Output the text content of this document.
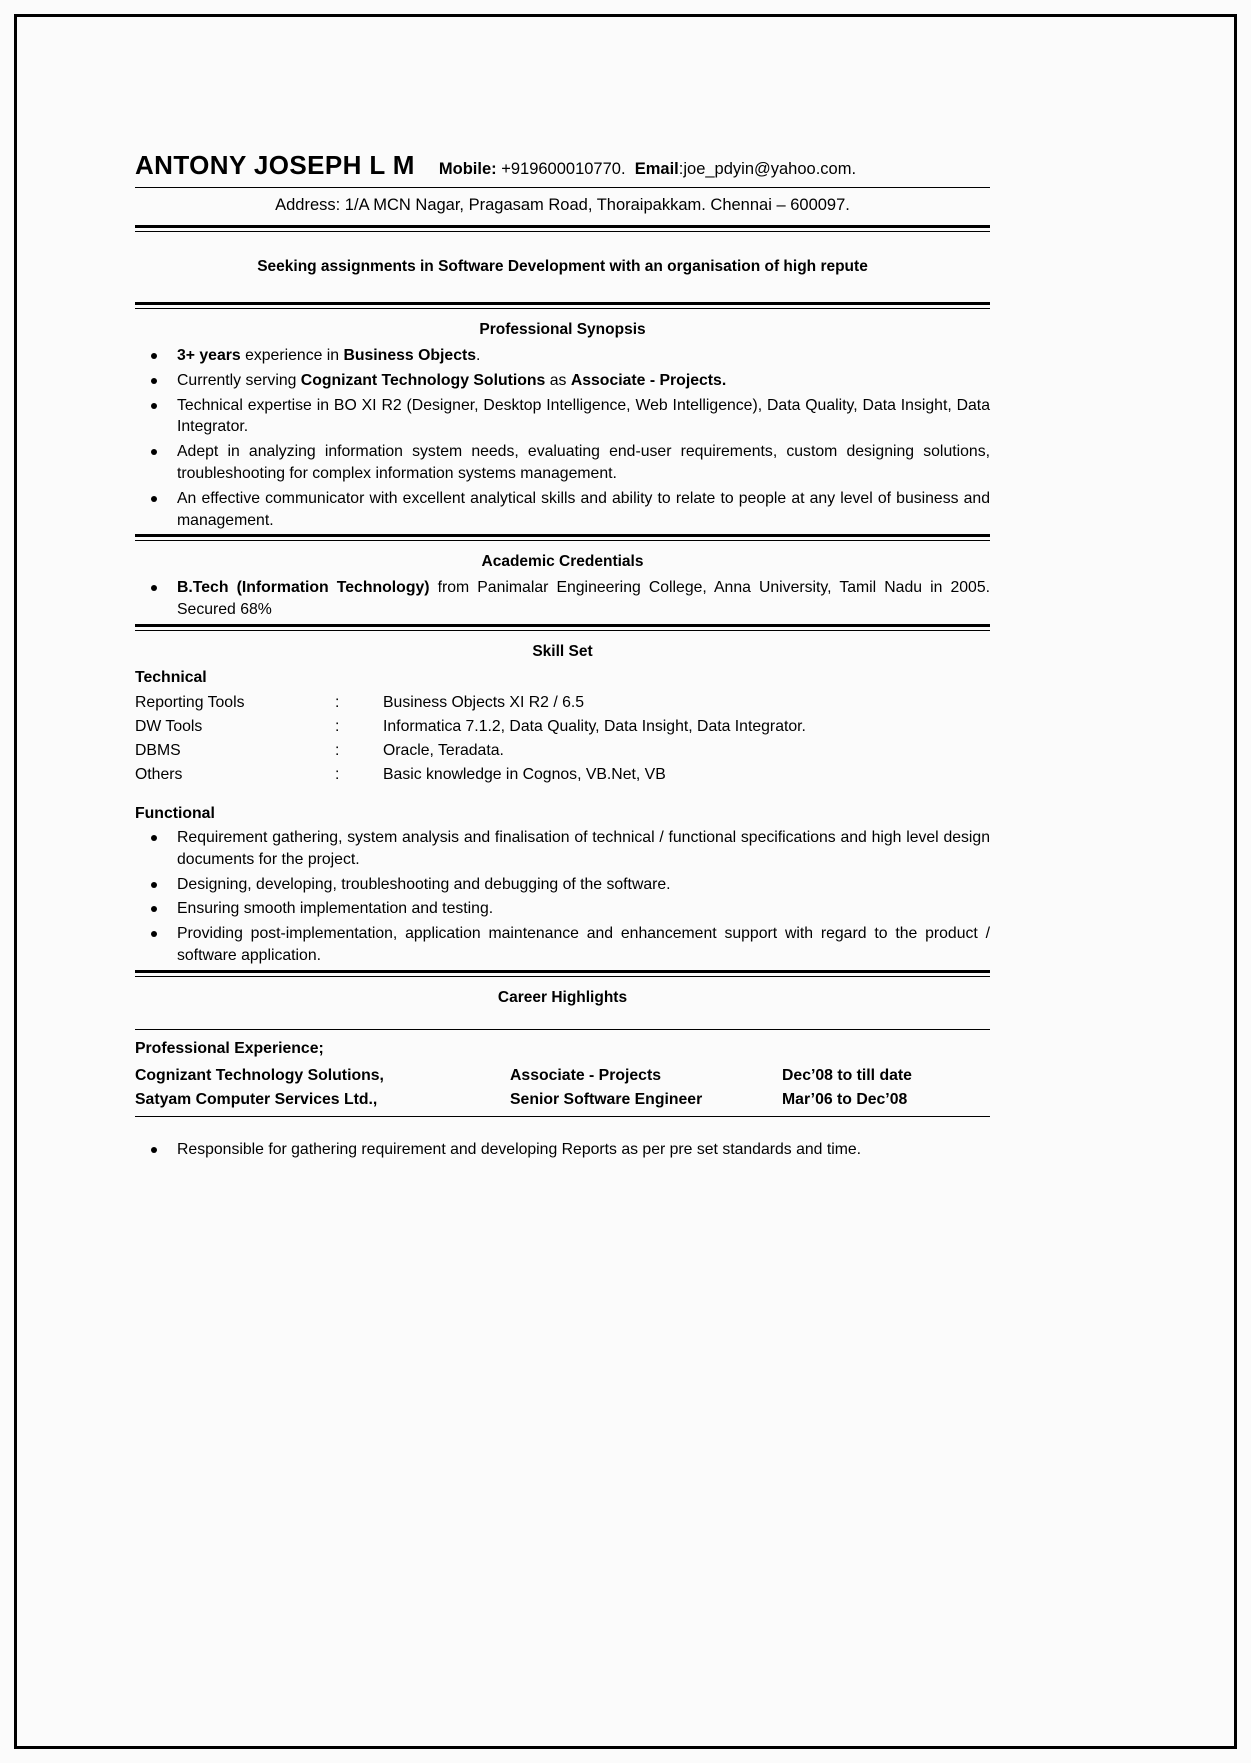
ANTONY JOSEPH L M Mobile: +919600010770. Email:joe_pdyin@yahoo.com.
Address: 1/A MCN Nagar, Pragasam Road, Thoraipakkam. Chennai – 600097.
Seeking assignments in Software Development with an organisation of high repute
Professional Synopsis
3+ years experience in Business Objects.
Currently serving Cognizant Technology Solutions as Associate - Projects.
Technical expertise in BO XI R2 (Designer, Desktop Intelligence, Web Intelligence), Data Quality, Data Insight, Data Integrator.
Adept in analyzing information system needs, evaluating end-user requirements, custom designing solutions, troubleshooting for complex information systems management.
An effective communicator with excellent analytical skills and ability to relate to people at any level of business and management.
Academic Credentials
B.Tech (Information Technology) from Panimalar Engineering College, Anna University, Tamil Nadu in 2005. Secured 68%
Skill Set
Technical
Reporting Tools	:	Business Objects XI R2 / 6.5
DW Tools	:	Informatica 7.1.2, Data Quality, Data Insight, Data Integrator.
DBMS	:	Oracle, Teradata.
Others	:	Basic knowledge in Cognos, VB.Net, VB
Functional
Requirement gathering, system analysis and finalisation of technical / functional specifications and high level design documents for the project.
Designing, developing, troubleshooting and debugging of the software.
Ensuring smooth implementation and testing.
Providing post-implementation, application maintenance and enhancement support with regard to the product / software application.
Career Highlights
Professional Experience;
Cognizant Technology Solutions,	Associate - Projects	Dec’08 to till date
Satyam Computer Services Ltd.,	Senior Software Engineer	Mar’06 to Dec’08
Responsible for gathering requirement and developing Reports as per pre set standards and time.
